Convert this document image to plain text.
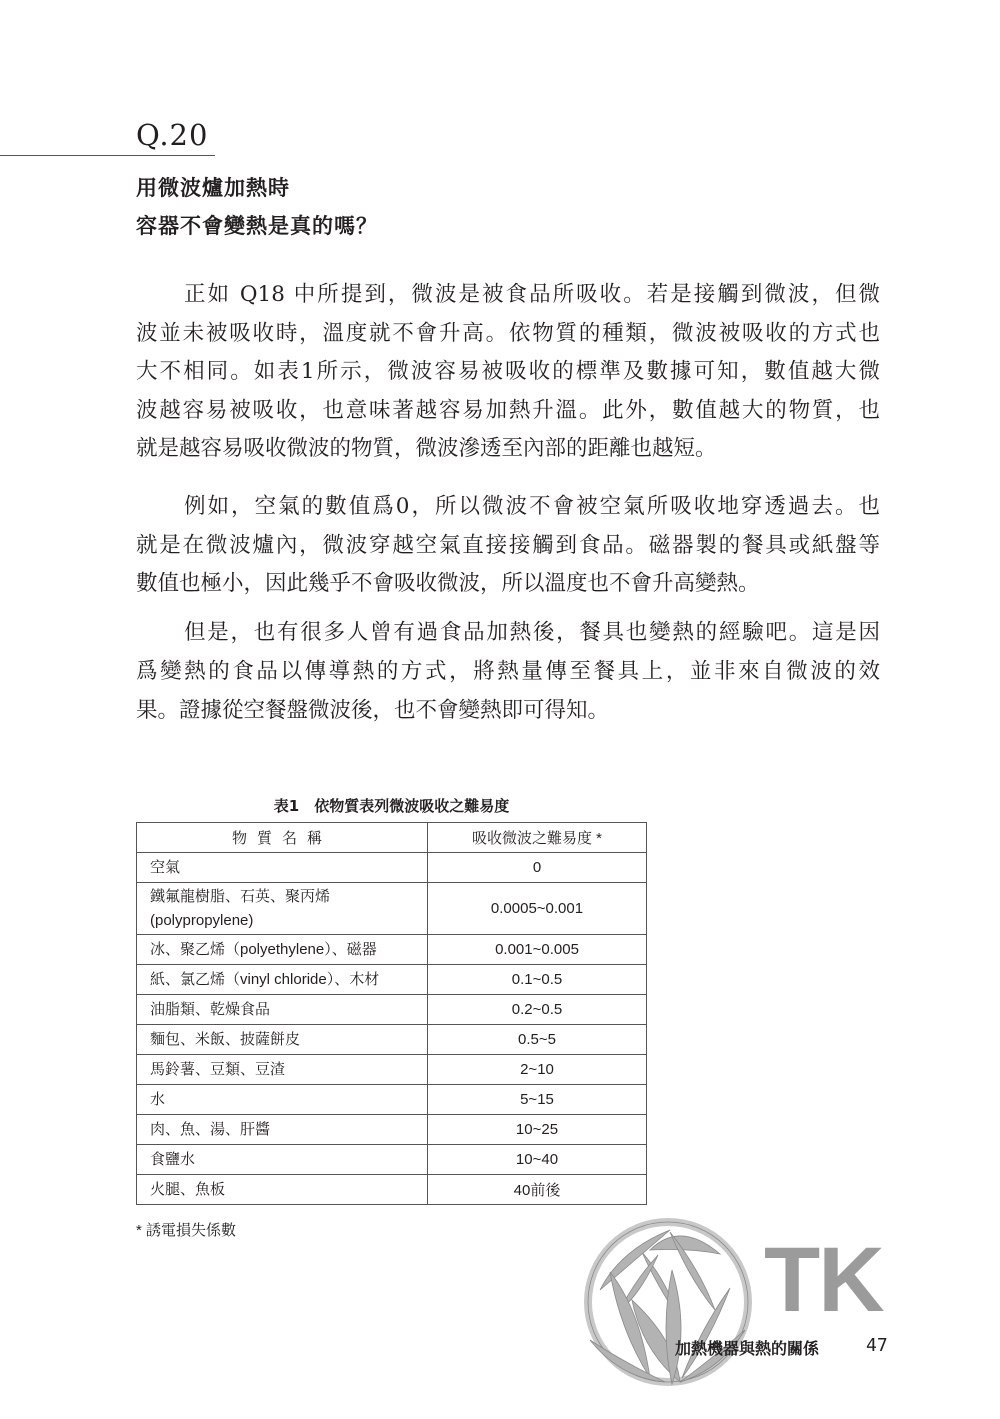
Q.20
用微波爐加熱時
容器不會變熱是真的嗎？
正如 Q18 中所提到，微波是被食品所吸收。若是接觸到微波，但微
波並未被吸收時，溫度就不會升高。依物質的種類，微波被吸收的方式也
大不相同。如表1所示，微波容易被吸收的標準及數據可知，數值越大微
波越容易被吸收，也意味著越容易加熱升溫。此外，數值越大的物質，也
就是越容易吸收微波的物質，微波滲透至內部的距離也越短。
例如，空氣的數值爲0，所以微波不會被空氣所吸收地穿透過去。也
就是在微波爐內，微波穿越空氣直接接觸到食品。磁器製的餐具或紙盤等
數值也極小，因此幾乎不會吸收微波，所以溫度也不會升高變熱。
但是，也有很多人曾有過食品加熱後，餐具也變熱的經驗吧。這是因
爲變熱的食品以傳導熱的方式，將熱量傳至餐具上，並非來自微波的效
果。證據從空餐盤微波後，也不會變熱即可得知。
表1　依物質表列微波吸收之難易度
物質名稱	吸收微波之難易度 *
空氣	0
鐵氟龍樹脂、石英、聚丙烯
(polypropylene)	0.0005~0.001
冰、聚乙烯（polyethylene）、磁器	0.001~0.005
紙、氯乙烯（vinyl chloride）、木材	0.1~0.5
油脂類、乾燥食品	0.2~0.5
麵包、米飯、披薩餅皮	0.5~5
馬鈴薯、豆類、豆渣	2~10
水	5~15
肉、魚、湯、肝醬	10~25
食鹽水	10~40
火腿、魚板	40前後
* 誘電損失係數	TK
加熱機器與熱的關係	47
